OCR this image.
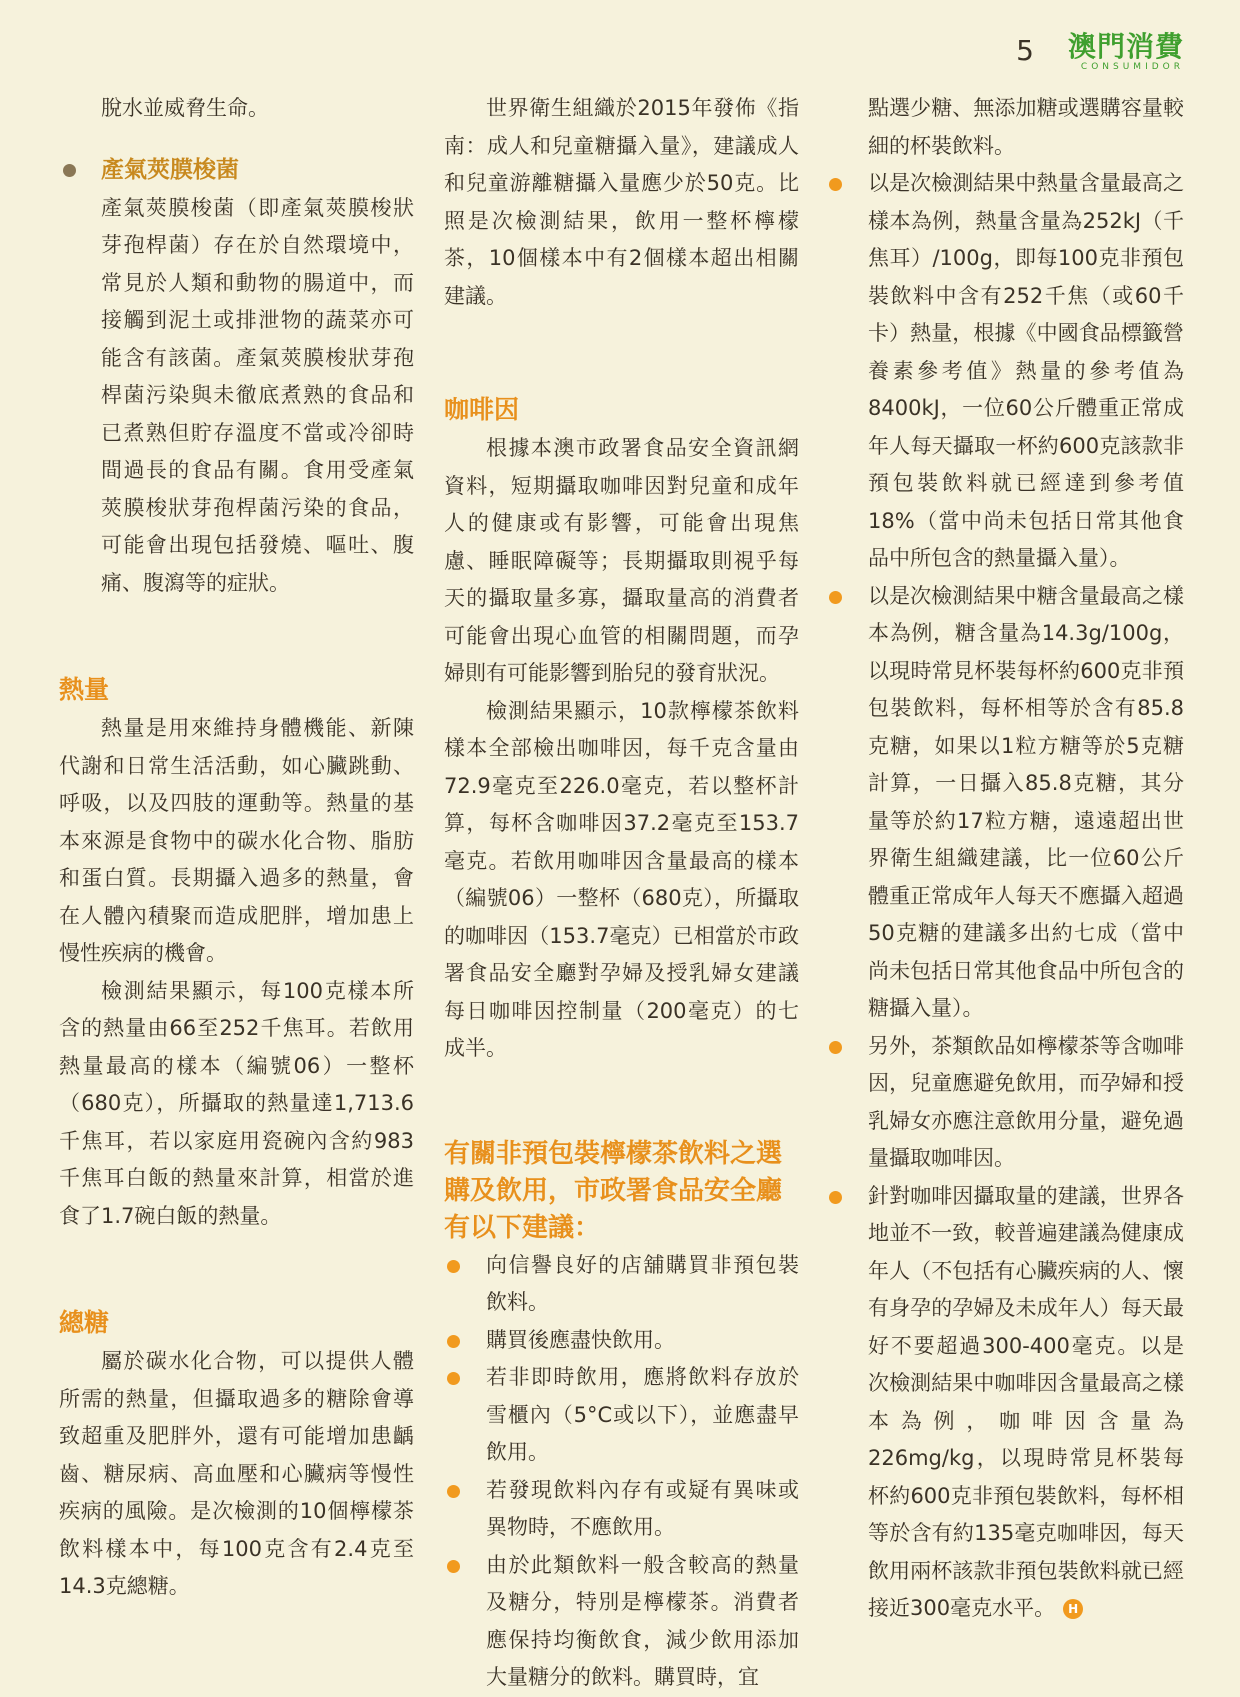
5	澳門消費
CONSUMIDOR

脫水並威脅生命。

產氣莢膜梭菌

產氣莢膜梭菌（即產氣莢膜梭狀芽孢桿菌）存在於自然環境中，常見於人類和動物的腸道中，而接觸到泥土或排泄物的蔬菜亦可能含有該菌。產氣莢膜梭狀芽孢桿菌污染與未徹底煮熟的食品和已煮熟但貯存溫度不當或冷卻時間過長的食品有關。食用受產氣莢膜梭狀芽孢桿菌污染的食品，可能會出現包括發燒、嘔吐、腹痛、腹瀉等的症狀。

熱量

熱量是用來維持身體機能、新陳代謝和日常生活活動，如心臟跳動、呼吸，以及四肢的運動等。熱量的基本來源是食物中的碳水化合物、脂肪和蛋白質。長期攝入過多的熱量，會在人體內積聚而造成肥胖，增加患上慢性疾病的機會。

檢測結果顯示，每100克樣本所含的熱量由66至252千焦耳。若飲用熱量最高的樣本（編號06）一整杯（680克），所攝取的熱量達1,713.6千焦耳，若以家庭用瓷碗內含約983千焦耳白飯的熱量來計算，相當於進食了1.7碗白飯的熱量。

總糖

屬於碳水化合物，可以提供人體所需的熱量，但攝取過多的糖除會導致超重及肥胖外，還有可能增加患齲齒、糖尿病、高血壓和心臟病等慢性疾病的風險。是次檢測的10個檸檬茶飲料樣本中，每100克含有2.4克至14.3克總糖。

世界衛生組織於2015年發佈《指南：成人和兒童糖攝入量》，建議成人和兒童游離糖攝入量應少於50克。比照是次檢測結果，飲用一整杯檸檬茶，10個樣本中有2個樣本超出相關建議。

咖啡因

根據本澳市政署食品安全資訊網資料，短期攝取咖啡因對兒童和成年人的健康或有影響，可能會出現焦慮、睡眠障礙等；長期攝取則視乎每天的攝取量多寡，攝取量高的消費者可能會出現心血管的相關問題，而孕婦則有可能影響到胎兒的發育狀況。

檢測結果顯示，10款檸檬茶飲料樣本全部檢出咖啡因，每千克含量由72.9毫克至226.0毫克，若以整杯計算，每杯含咖啡因37.2毫克至153.7毫克。若飲用咖啡因含量最高的樣本（編號06）一整杯（680克），所攝取的咖啡因（153.7毫克）已相當於市政署食品安全廳對孕婦及授乳婦女建議每日咖啡因控制量（200毫克）的七成半。

有關非預包裝檸檬茶飲料之選購及飲用，市政署食品安全廳有以下建議：
向信譽良好的店舖購買非預包裝飲料。
購買後應盡快飲用。
若非即時飲用，應將飲料存放於雪櫃內（5°C或以下），並應盡早飲用。
若發現飲料內存有或疑有異味或異物時，不應飲用。
由於此類飲料一般含較高的熱量及糖分，特別是檸檬茶。消費者應保持均衡飲食，減少飲用添加大量糖分的飲料。購買時，宜

點選少糖、無添加糖或選購容量較細的杯裝飲料。

以是次檢測結果中熱量含量最高之樣本為例，熱量含量為252kJ（千焦耳）/100g，即每100克非預包裝飲料中含有252千焦（或60千卡）熱量，根據《中國食品標籤營養素參考值》熱量的參考值為8400kJ，一位60公斤體重正常成年人每天攝取一杯約600克該款非預包裝飲料就已經達到參考值18%（當中尚未包括日常其他食品中所包含的熱量攝入量）。
以是次檢測結果中糖含量最高之樣本為例，糖含量為14.3g/100g，以現時常見杯裝每杯約600克非預包裝飲料，每杯相等於含有85.8克糖，如果以1粒方糖等於5克糖計算，一日攝入85.8克糖，其分量等於約17粒方糖，遠遠超出世界衛生組織建議，比一位60公斤體重正常成年人每天不應攝入超過50克糖的建議多出約七成（當中尚未包括日常其他食品中所包含的糖攝入量）。
另外，茶類飲品如檸檬茶等含咖啡因，兒童應避免飲用，而孕婦和授乳婦女亦應注意飲用分量，避免過量攝取咖啡因。
針對咖啡因攝取量的建議，世界各地並不一致，較普遍建議為健康成年人（不包括有心臟疾病的人、懷有身孕的孕婦及未成年人）每天最好不要超過300-400毫克。以是次檢測結果中咖啡因含量最高之樣本為例，咖啡因含量為226mg/kg，以現時常見杯裝每杯約600克非預包裝飲料，每杯相等於含有約135毫克咖啡因，每天飲用兩杯該款非預包裝飲料就已經接近300毫克水平。 H
